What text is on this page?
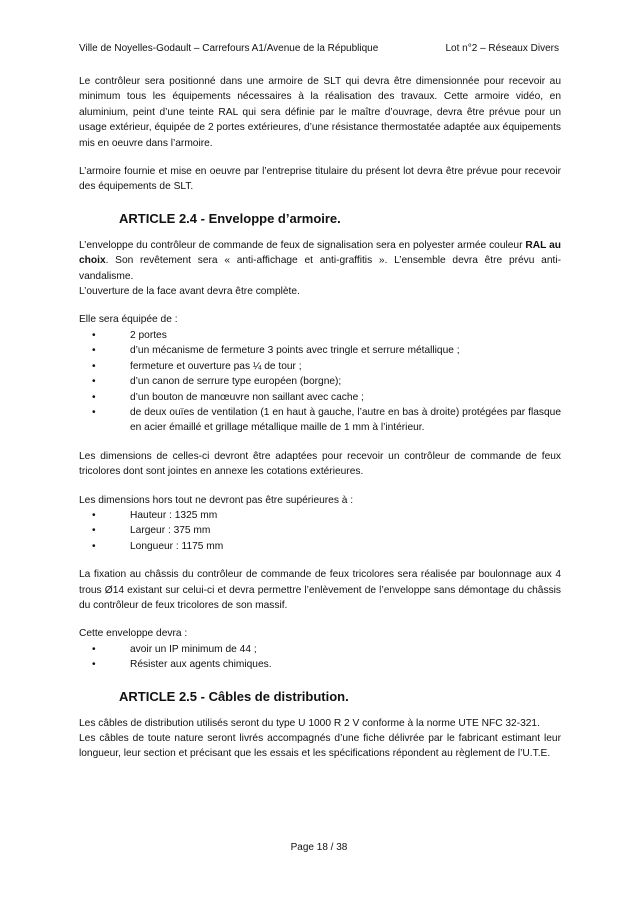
Ville de Noyelles-Godault – Carrefours A1/Avenue de la République	Lot n°2 – Réseaux Divers

Le contrôleur sera positionné dans une armoire de SLT qui devra être dimensionnée pour recevoir au minimum tous les équipements nécessaires à la réalisation des travaux. Cette armoire vidéo, en aluminium, peint d’une teinte RAL qui sera définie par le maître d’ouvrage, devra être prévue pour un usage extérieur, équipée de 2 portes extérieures, d’une résistance thermostatée adaptée aux équipements mis en oeuvre dans l’armoire.

L’armoire fournie et mise en oeuvre par l’entreprise titulaire du présent lot devra être prévue pour recevoir des équipements de SLT.

ARTICLE 2.4 - Enveloppe d’armoire.

L’enveloppe du contrôleur de commande de feux de signalisation sera en polyester armée couleur RAL au choix. Son revêtement sera « anti-affichage et anti-graffitis ». L’ensemble devra être prévu anti-vandalisme.

L’ouverture de la face avant devra être complète.

Elle sera équipée de :

•	2 portes
•	d’un mécanisme de fermeture 3 points avec tringle et serrure métallique ;
•	fermeture et ouverture pas ¼ de tour ;
•	d’un canon de serrure type européen (borgne);
•	d’un bouton de manœuvre non saillant avec cache ;
•	de deux ouïes de ventilation (1 en haut à gauche, l’autre en bas à droite) protégées par flasque en acier émaillé et grillage métallique maille de 1 mm à l’intérieur.

Les dimensions de celles-ci devront être adaptées pour recevoir un contrôleur de commande de feux tricolores dont sont jointes en annexe les cotations extérieures.

Les dimensions hors tout ne devront pas être supérieures à :

•	Hauteur : 1325 mm
•	Largeur : 375 mm
•	Longueur : 1175 mm

La fixation au châssis du contrôleur de commande de feux tricolores sera réalisée par boulonnage aux 4 trous Ø14 existant sur celui-ci et devra permettre l’enlèvement de l’enveloppe sans démontage du châssis du contrôleur de feux tricolores de son massif.

Cette enveloppe devra :

•	avoir un IP minimum de 44 ;
•	Résister aux agents chimiques.
ARTICLE 2.5 - Câbles de distribution.

Les câbles de distribution utilisés seront du type U 1000 R 2 V conforme à la norme UTE NFC 32-321.

Les câbles de toute nature seront livrés accompagnés d’une fiche délivrée par le fabricant estimant leur longueur, leur section et précisant que les essais et les spécifications répondent au règlement de l’U.T.E.

Page 18 / 38
